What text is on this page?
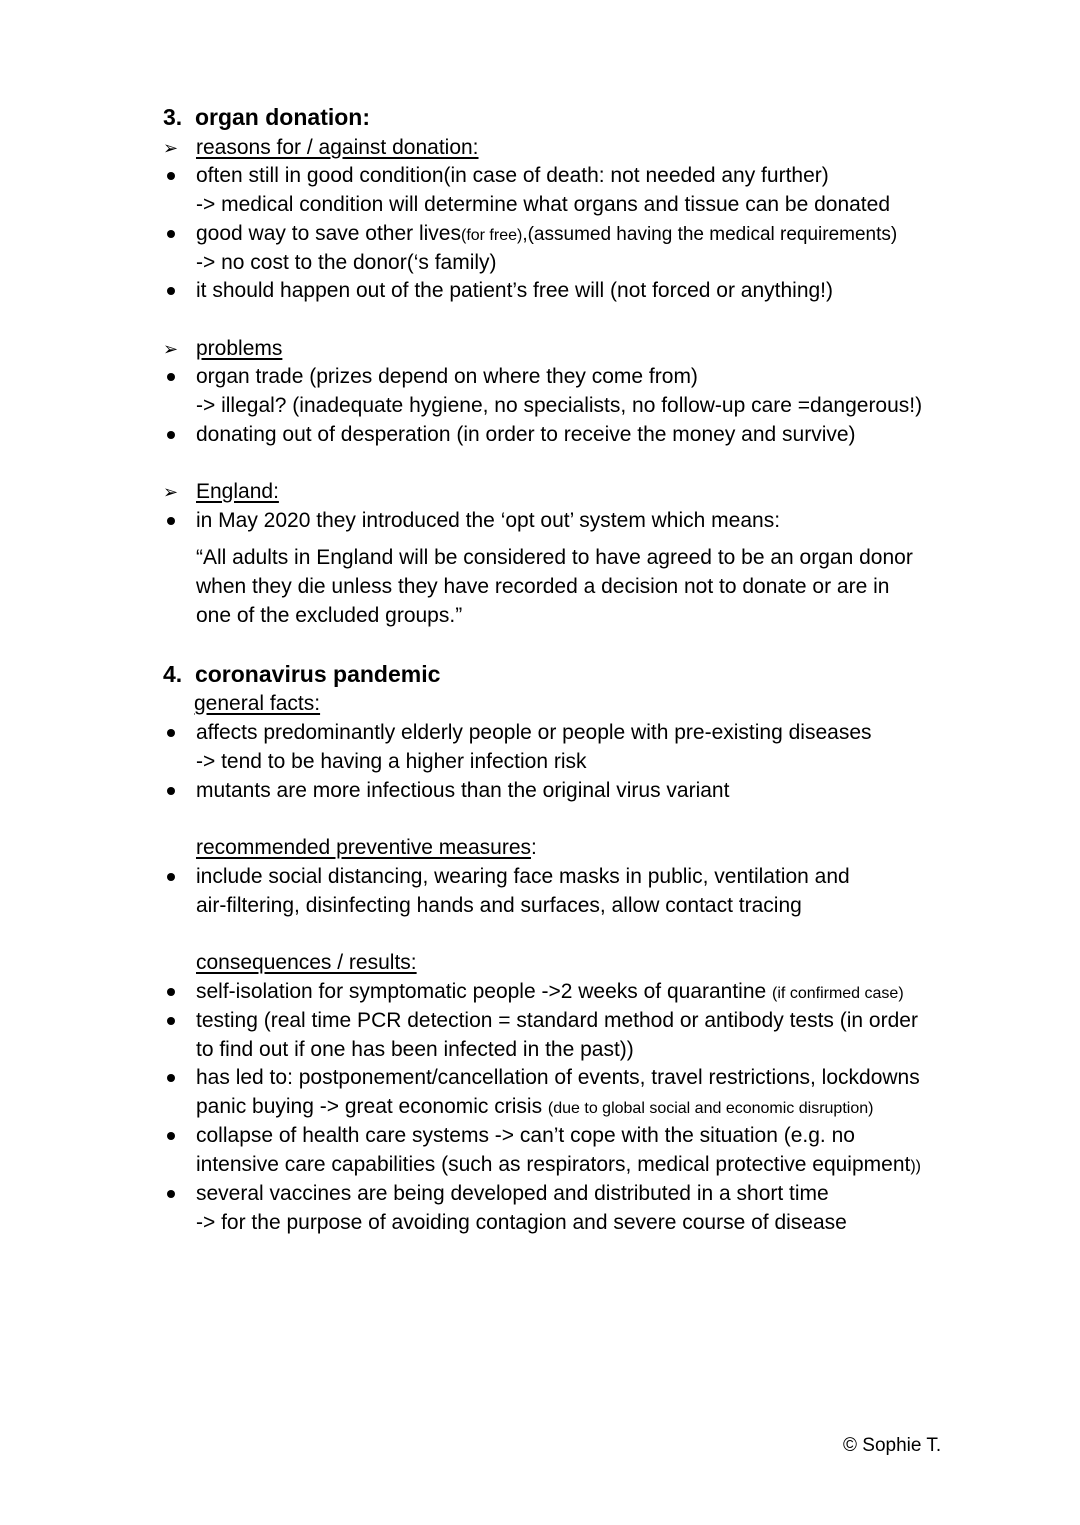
3. organ donation:
➢ reasons for / against donation:
often still in good condition(in case of death: not needed any further)
-> medical condition will determine what organs and tissue can be donated
good way to save other lives(for free),(assumed having the medical requirements)
-> no cost to the donor(‘s family)
it should happen out of the patient’s free will (not forced or anything!)
➢ problems
organ trade (prizes depend on where they come from)
-> illegal? (inadequate hygiene, no specialists, no follow-up care =dangerous!)
donating out of desperation (in order to receive the money and survive)
➢ England:
in May 2020 they introduced the ‘opt out’ system which means:
“All adults in England will be considered to have agreed to be an organ donor
when they die unless they have recorded a decision not to donate or are in
one of the excluded groups.”
4. coronavirus pandemic
general facts:
affects predominantly elderly people or people with pre-existing diseases
-> tend to be having a higher infection risk
mutants are more infectious than the original virus variant
recommended preventive measures:
include social distancing, wearing face masks in public, ventilation and
air-filtering, disinfecting hands and surfaces, allow contact tracing
consequences / results:
self-isolation for symptomatic people ->2 weeks of quarantine (if confirmed case)
testing (real time PCR detection = standard method or antibody tests (in order
to find out if one has been infected in the past))
has led to: postponement/cancellation of events, travel restrictions, lockdowns
panic buying -> great economic crisis (due to global social and economic disruption)
collapse of health care systems -> can’t cope with the situation (e.g. no
intensive care capabilities (such as respirators, medical protective equipment))
several vaccines are being developed and distributed in a short time
-> for the purpose of avoiding contagion and severe course of disease
© Sophie T.
